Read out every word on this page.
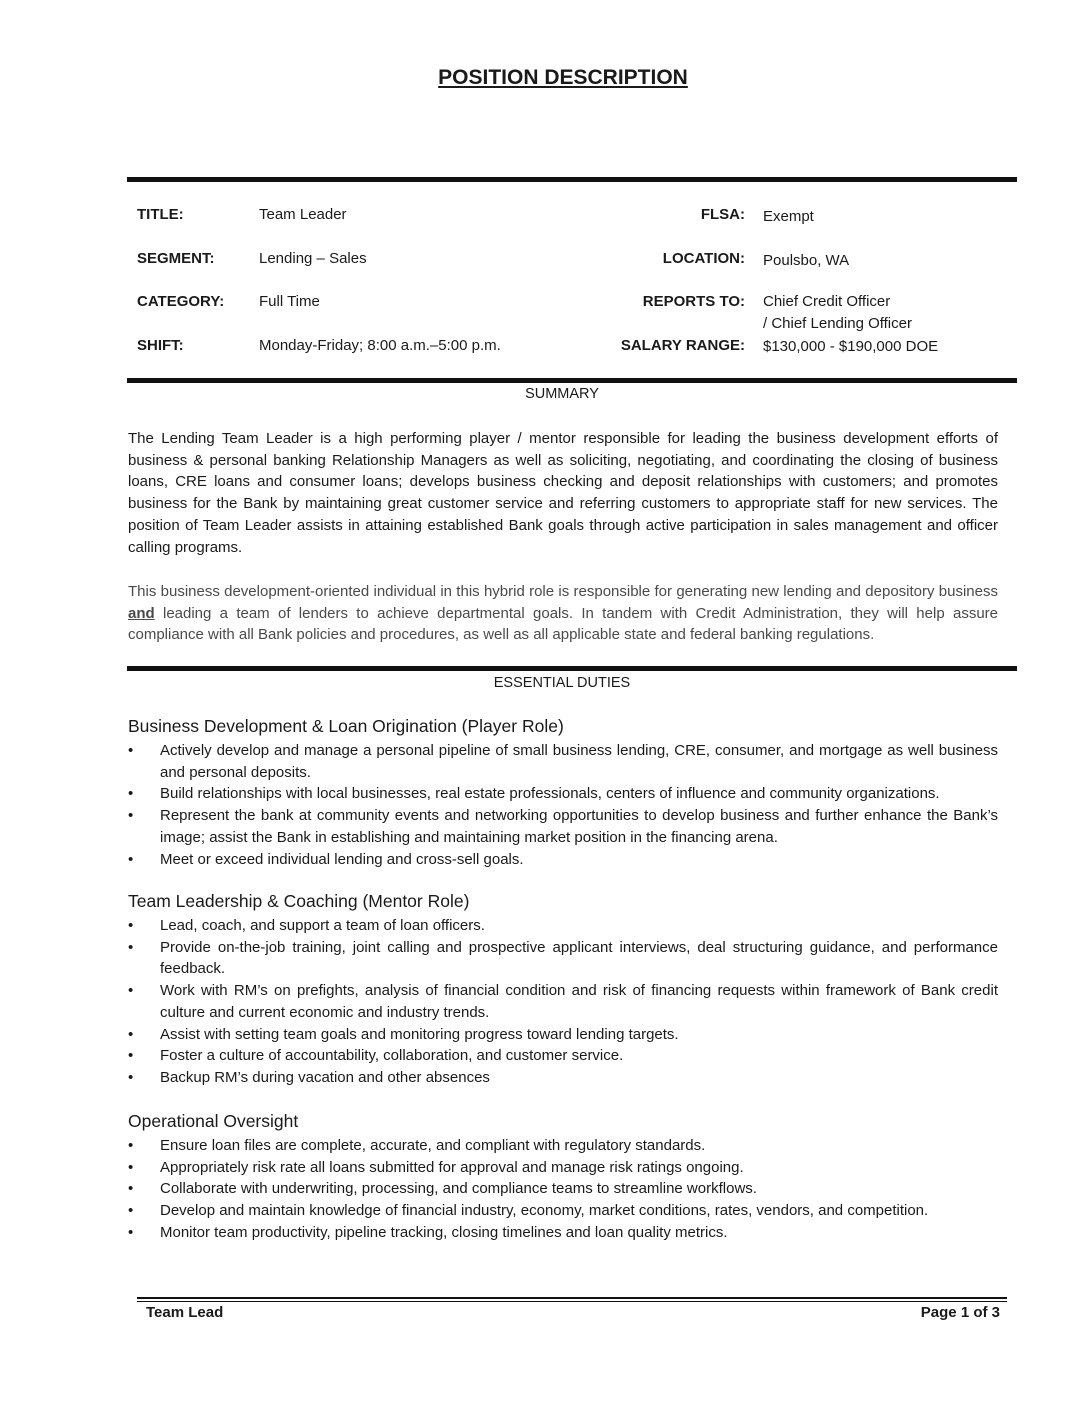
POSITION DESCRIPTION
TITLE:	Team Leader	FLSA: Exempt
SEGMENT:	Lending – Sales	LOCATION: Poulsbo, WA
CATEGORY:	Full Time	REPORTS TO: Chief Credit Officer
/ Chief Lending Officer
SHIFT:	Monday-Friday; 8:00 a.m.–5:00 p.m.	SALARY RANGE: $130,000 - $190,000 DOE
SUMMARY
The Lending Team Leader is a high performing player / mentor responsible for leading the business development efforts of business & personal banking Relationship Managers as well as soliciting, negotiating, and coordinating the closing of business loans, CRE loans and consumer loans; develops business checking and deposit relationships with customers; and promotes business for the Bank by maintaining great customer service and referring customers to appropriate staff for new services. The position of Team Leader assists in attaining established Bank goals through active participation in sales management and officer calling programs.
This business development-oriented individual in this hybrid role is responsible for generating new lending and depository business and leading a team of lenders to achieve departmental goals. In tandem with Credit Administration, they will help assure compliance with all Bank policies and procedures, as well as all applicable state and federal banking regulations.
ESSENTIAL DUTIES
Business Development & Loan Origination (Player Role)
• Actively develop and manage a personal pipeline of small business lending, CRE, consumer, and mortgage as well business and personal deposits.
• Build relationships with local businesses, real estate professionals, centers of influence and community organizations.
• Represent the bank at community events and networking opportunities to develop business and further enhance the Bank’s image; assist the Bank in establishing and maintaining market position in the financing arena.
• Meet or exceed individual lending and cross-sell goals.
Team Leadership & Coaching (Mentor Role)
• Lead, coach, and support a team of loan officers.
• Provide on-the-job training, joint calling and prospective applicant interviews, deal structuring guidance, and performance feedback.
• Work with RM’s on prefights, analysis of financial condition and risk of financing requests within framework of Bank credit culture and current economic and industry trends.
• Assist with setting team goals and monitoring progress toward lending targets.
• Foster a culture of accountability, collaboration, and customer service.
• Backup RM’s during vacation and other absences
Operational Oversight
• Ensure loan files are complete, accurate, and compliant with regulatory standards.
• Appropriately risk rate all loans submitted for approval and manage risk ratings ongoing.
• Collaborate with underwriting, processing, and compliance teams to streamline workflows.
• Develop and maintain knowledge of financial industry, economy, market conditions, rates, vendors, and competition.
• Monitor team productivity, pipeline tracking, closing timelines and loan quality metrics.
Team Lead	Page 1 of 3
